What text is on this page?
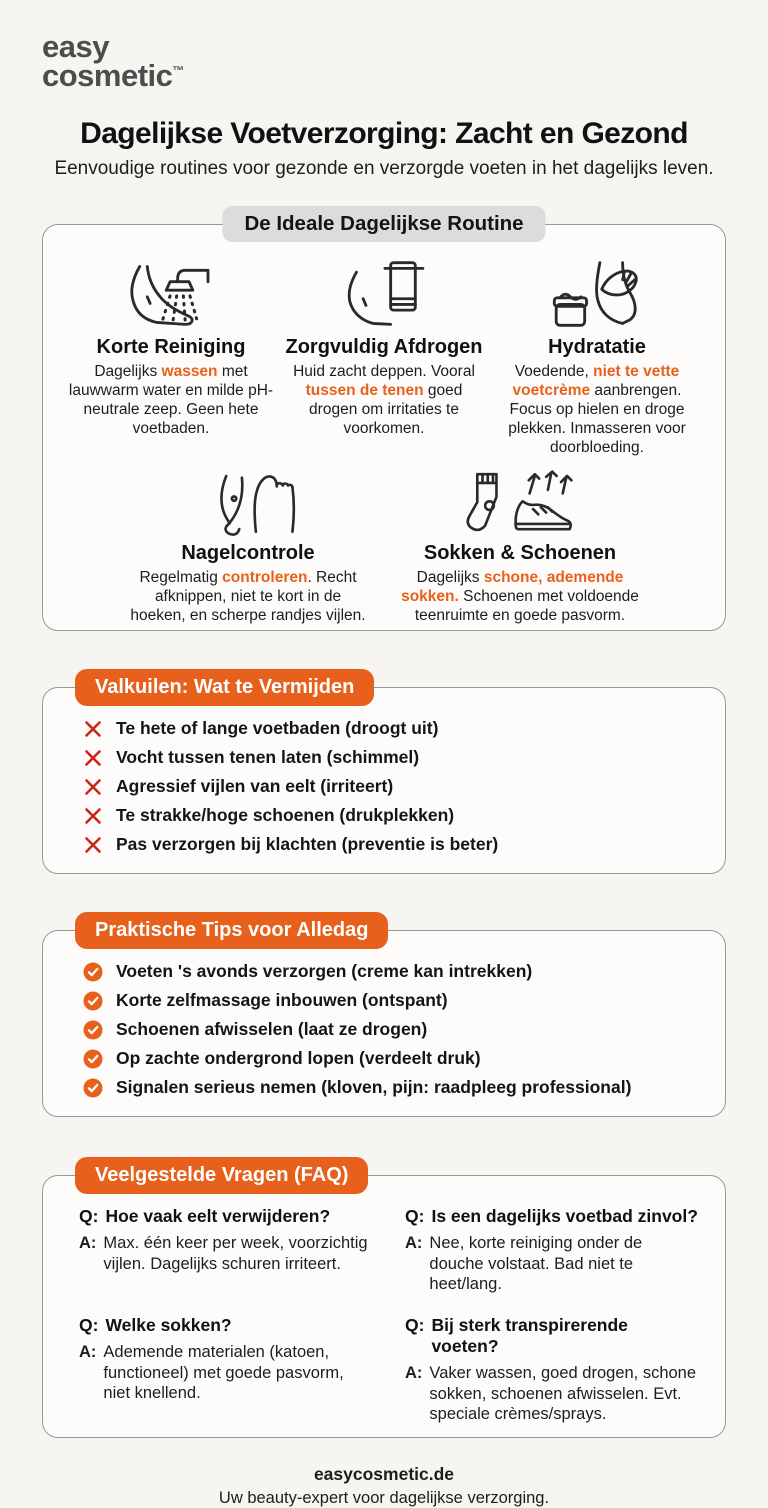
easy
cosmetic™
Dagelijkse Voetverzorging: Zacht en Gezond

Eenvoudige routines voor gezonde en verzorgde voeten in het dagelijks leven.

De Ideale Dagelijkse Routine
Korte Reiniging

Dagelijks wassen met lauwwarm water en milde pH-neutrale zeep. Geen hete voetbaden.

Zorgvuldig Afdrogen

Huid zacht deppen. Vooral tussen de tenen goed drogen om irritaties te voorkomen.

Hydratatie

Voedende, niet te vette voetcrème aanbrengen. Focus op hielen en droge plekken. Inmasseren voor doorbloeding.

Nagelcontrole

Regelmatig controleren. Recht afknippen, niet te kort in de hoeken, en scherpe randjes vijlen.

Sokken & Schoenen

Dagelijks schone, ademende sokken. Schoenen met voldoende teenruimte en goede pasvorm.

Valkuilen: Wat te Vermijden
Te hete of lange voetbaden (droogt uit)
Vocht tussen tenen laten (schimmel)
Agressief vijlen van eelt (irriteert)
Te strakke/hoge schoenen (drukplekken)
Pas verzorgen bij klachten (preventie is beter)
Praktische Tips voor Alledag
Voeten 's avonds verzorgen (creme kan intrekken)
Korte zelfmassage inbouwen (ontspant)
Schoenen afwisselen (laat ze drogen)
Op zachte ondergrond lopen (verdeelt druk)
Signalen serieus nemen (kloven, pijn: raadpleeg professional)
Veelgestelde Vragen (FAQ)
Q: Hoe vaak eelt verwijderen?
A: Max. één keer per week, voorzichtig vijlen. Dagelijks schuren irriteert.
Q: Is een dagelijks voetbad zinvol?
A: Nee, korte reiniging onder de douche volstaat. Bad niet te heet/lang.
Q: Welke sokken?
A: Ademende materialen (katoen, functioneel) met goede pasvorm, niet knellend.
Q: Bij sterk transpirerende voeten?
A: Vaker wassen, goed drogen, schone sokken, schoenen afwisselen. Evt. speciale crèmes/sprays.
easycosmetic.de
Uw beauty-expert voor dagelijkse verzorging.
